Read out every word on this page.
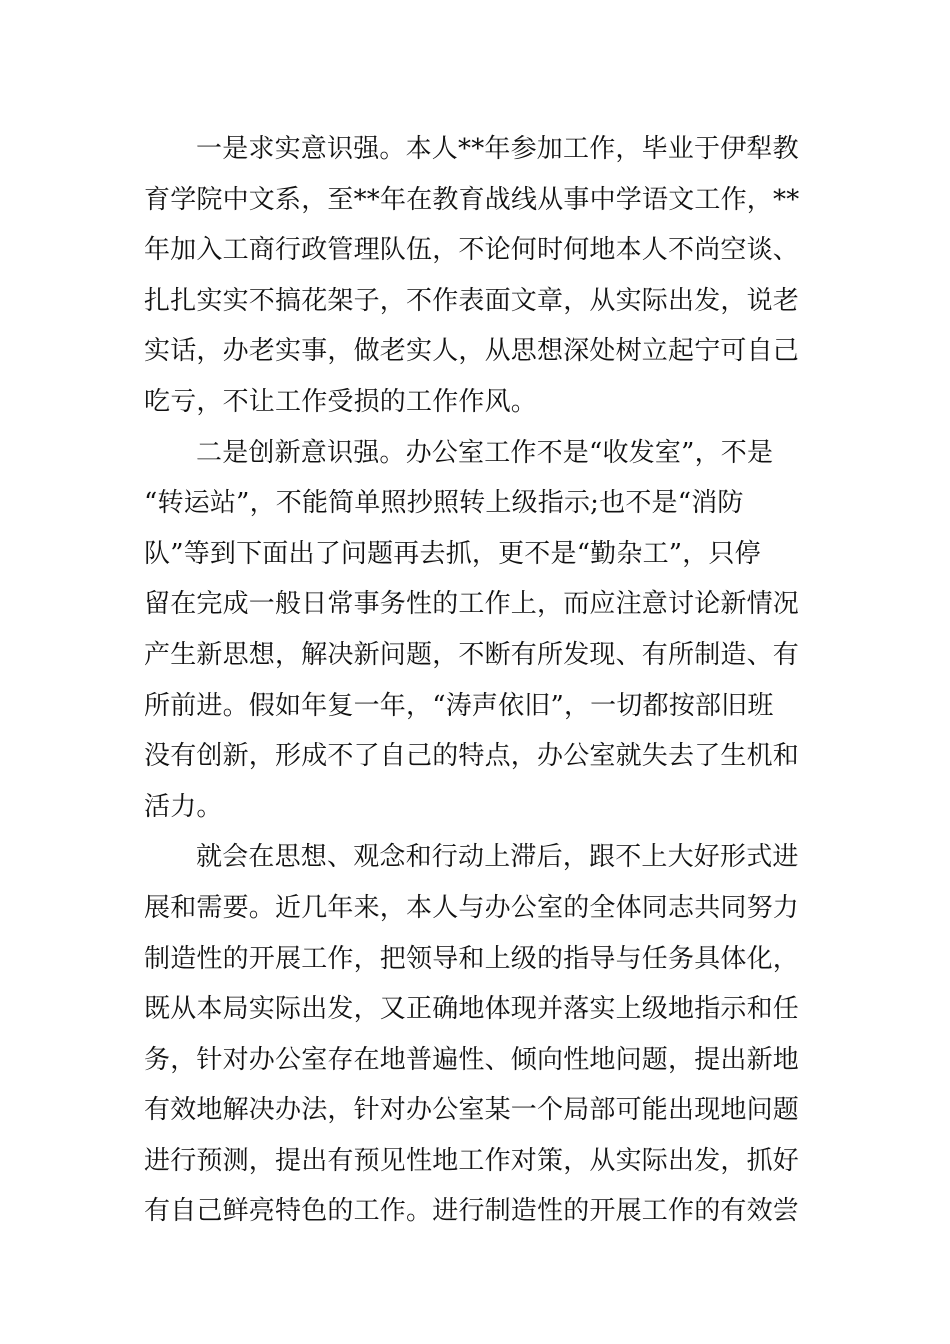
一是求实意识强。本人**年参加工作，毕业于伊犁教
育学院中文系，至**年在教育战线从事中学语文工作，**
年加入工商行政管理队伍，不论何时何地本人不尚空谈、
扎扎实实不搞花架子，不作表面文章，从实际出发，说老
实话，办老实事，做老实人，从思想深处树立起宁可自己
吃亏，不让工作受损的工作作风。
二是创新意识强。办公室工作不是“收发室”，不是
“转运站”，不能简单照抄照转上级指示;也不是“消防
队”等到下面出了问题再去抓，更不是“勤杂工”，只停
留在完成一般日常事务性的工作上，而应注意讨论新情况
产生新思想，解决新问题，不断有所发现、有所制造、有
所前进。假如年复一年，“涛声依旧”，一切都按部旧班
没有创新，形成不了自己的特点，办公室就失去了生机和
活力。
就会在思想、观念和行动上滞后，跟不上大好形式进
展和需要。近几年来，本人与办公室的全体同志共同努力
制造性的开展工作，把领导和上级的指导与任务具体化，
既从本局实际出发，又正确地体现并落实上级地指示和任
务，针对办公室存在地普遍性、倾向性地问题，提出新地
有效地解决办法，针对办公室某一个局部可能出现地问题
进行预测，提出有预见性地工作对策，从实际出发，抓好
有自己鲜亮特色的工作。进行制造性的开展工作的有效尝
